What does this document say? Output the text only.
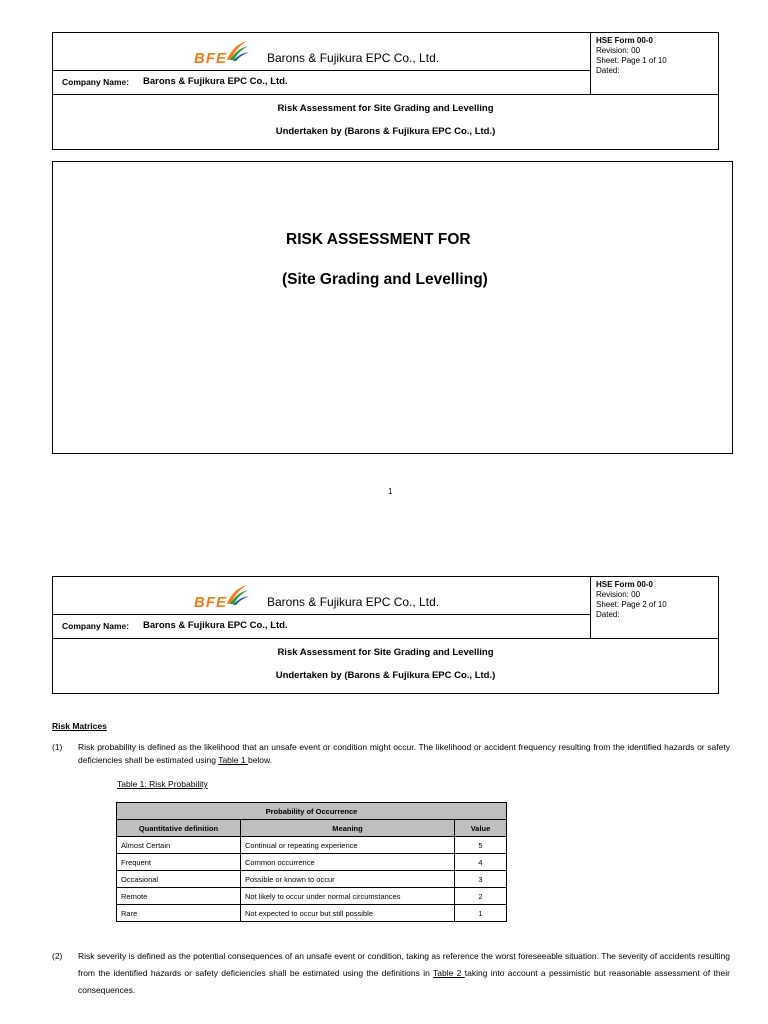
BFE	Barons & Fujikura EPC Co., Ltd.
Company Name: Barons & Fujikura EPC Co., Ltd.
HSE Form 00-0
Revision: 00
Sheet: Page 1 of 10
Dated:
Risk Assessment for Site Grading and Levelling
Undertaken by (Barons & Fujikura EPC Co., Ltd.)
RISK ASSESSMENT FOR
(Site Grading and Levelling)
1
BFE	Barons & Fujikura EPC Co., Ltd.
Company Name: Barons & Fujikura EPC Co., Ltd.
HSE Form 00-0
Revision: 00
Sheet: Page 2 of 10
Dated:
Risk Assessment for Site Grading and Levelling
Undertaken by (Barons & Fujikura EPC Co., Ltd.)
Risk Matrices
(1) Risk probability is defined as the likelihood that an unsafe event or condition might occur. The likelihood or accident frequency resulting from the identified hazards or safety deficiencies shall be estimated using Table 1 below.
Table 1: Risk Probability
Probability of Occurrence		
Quantitative definition	Meaning	Value
Almost Certain	Continual or repeating experience	5
Frequent	Common occurrence	4
Occasional	Possible or known to occur	3
Remote	Not likely to occur under normal circumstances	2
Rare	Not expected to occur but still possible	1
(2) Risk severity is defined as the potential consequences of an unsafe event or condition, taking as reference the worst foreseeable situation. The severity of accidents resulting from the identified hazards or safety deficiencies shall be estimated using the definitions in Table 2 taking into account a pessimistic but reasonable assessment of their consequences.
